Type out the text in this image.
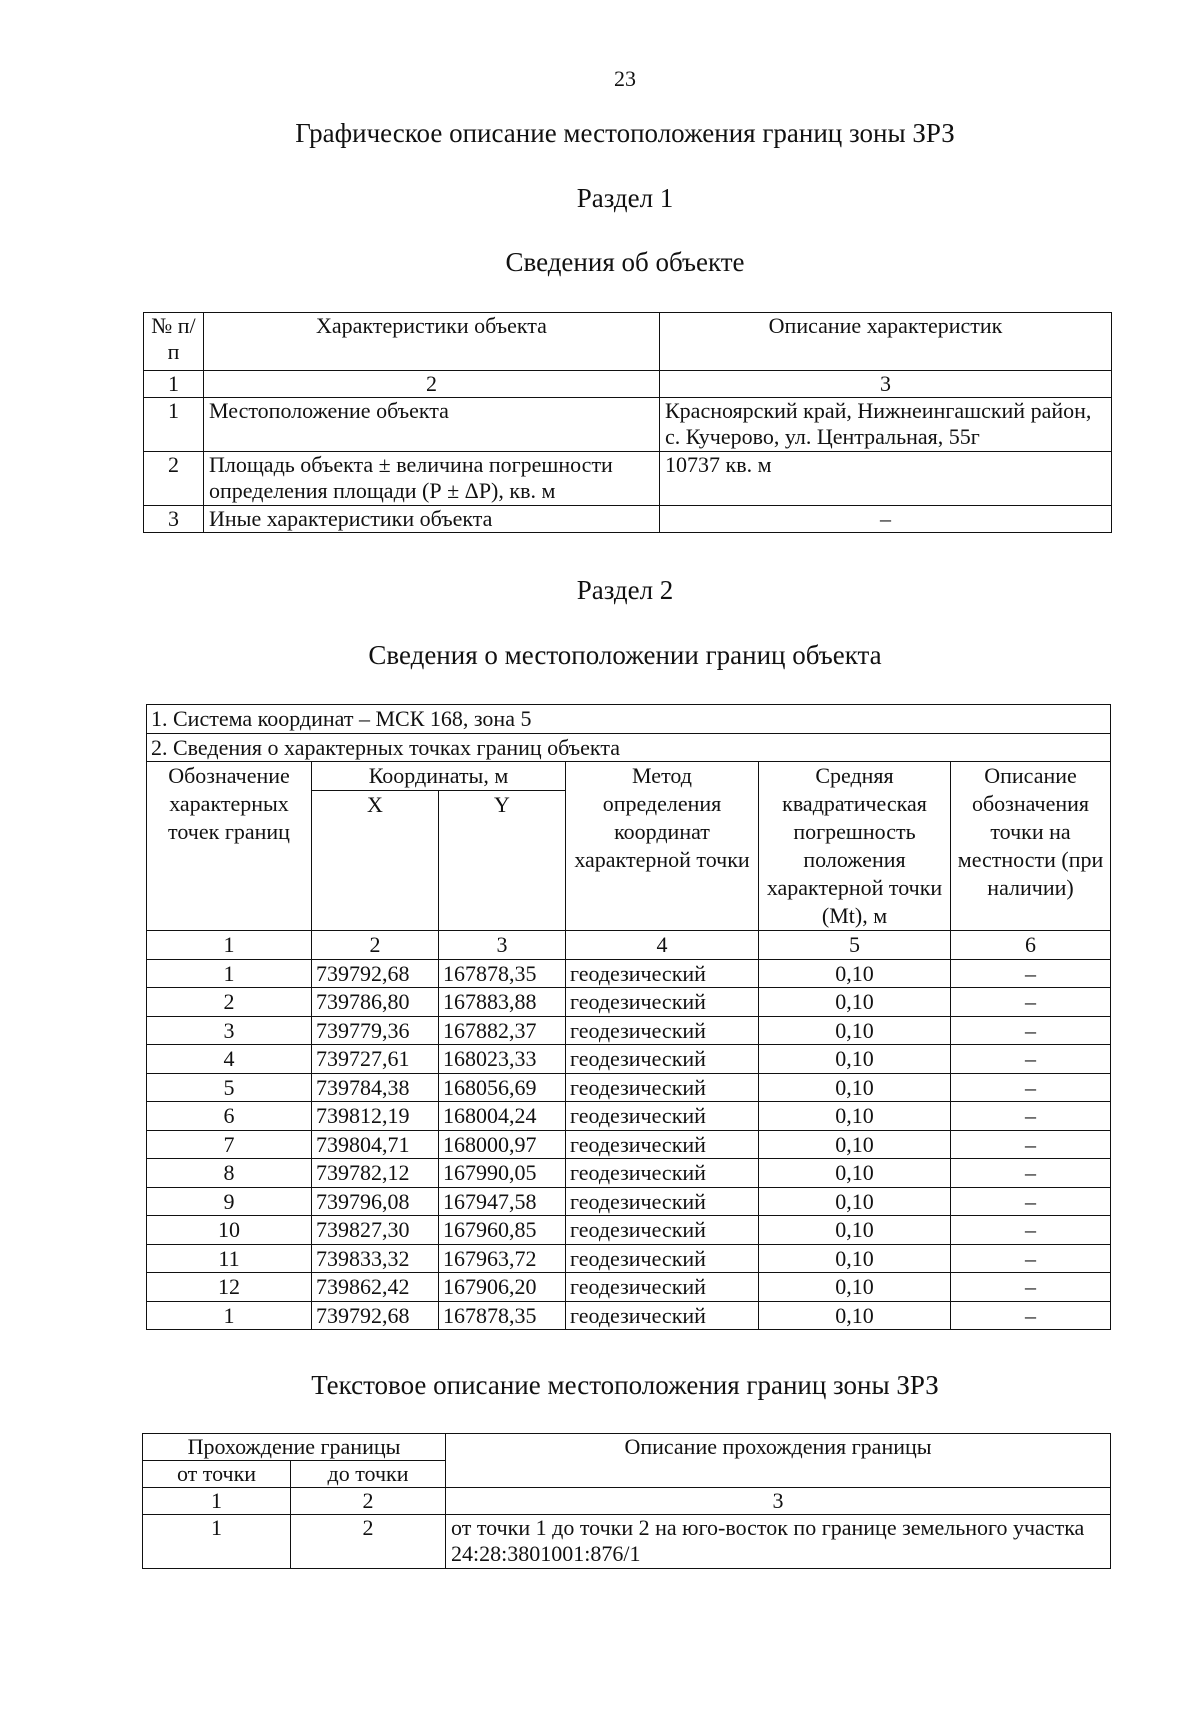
23
Графическое описание местоположения границ зоны ЗРЗ
Раздел 1
Сведения об объекте
№ п/п	Характеристики объекта	Описание характеристик
1	2	3
1	Местоположение объекта	Красноярский край, Нижнеингашский район, с. Кучерово, ул. Центральная, 55г
2	Площадь объекта ± величина погрешности определения площади (Р ± ΔР), кв. м	10737 кв. м
3	Иные характеристики объекта	–
Раздел 2
Сведения о местоположении границ объекта
1. Система координат – МСК 168, зона 5					
2. Сведения о характерных точках границ объекта					
Обозначение характерных точек границ	Координаты, м		Метод определения координат характерной точки	Средняя квадратическая погрешность положения характерной точки (Mt), м	Описание обозначения точки на местности (при наличии)
	X	Y			
1	2	3	4	5	6
1	739792,68	167878,35	геодезический	0,10	–
2	739786,80	167883,88	геодезический	0,10	–
3	739779,36	167882,37	геодезический	0,10	–
4	739727,61	168023,33	геодезический	0,10	–
5	739784,38	168056,69	геодезический	0,10	–
6	739812,19	168004,24	геодезический	0,10	–
7	739804,71	168000,97	геодезический	0,10	–
8	739782,12	167990,05	геодезический	0,10	–
9	739796,08	167947,58	геодезический	0,10	–
10	739827,30	167960,85	геодезический	0,10	–
11	739833,32	167963,72	геодезический	0,10	–
12	739862,42	167906,20	геодезический	0,10	–
1	739792,68	167878,35	геодезический	0,10	–
Текстовое описание местоположения границ зоны ЗРЗ
Прохождение границы		Описание прохождения границы
от точки	до точки	
1	2	3
1	2	от точки 1 до точки 2 на юго-восток по границе земельного участка 24:28:3801001:876/1
